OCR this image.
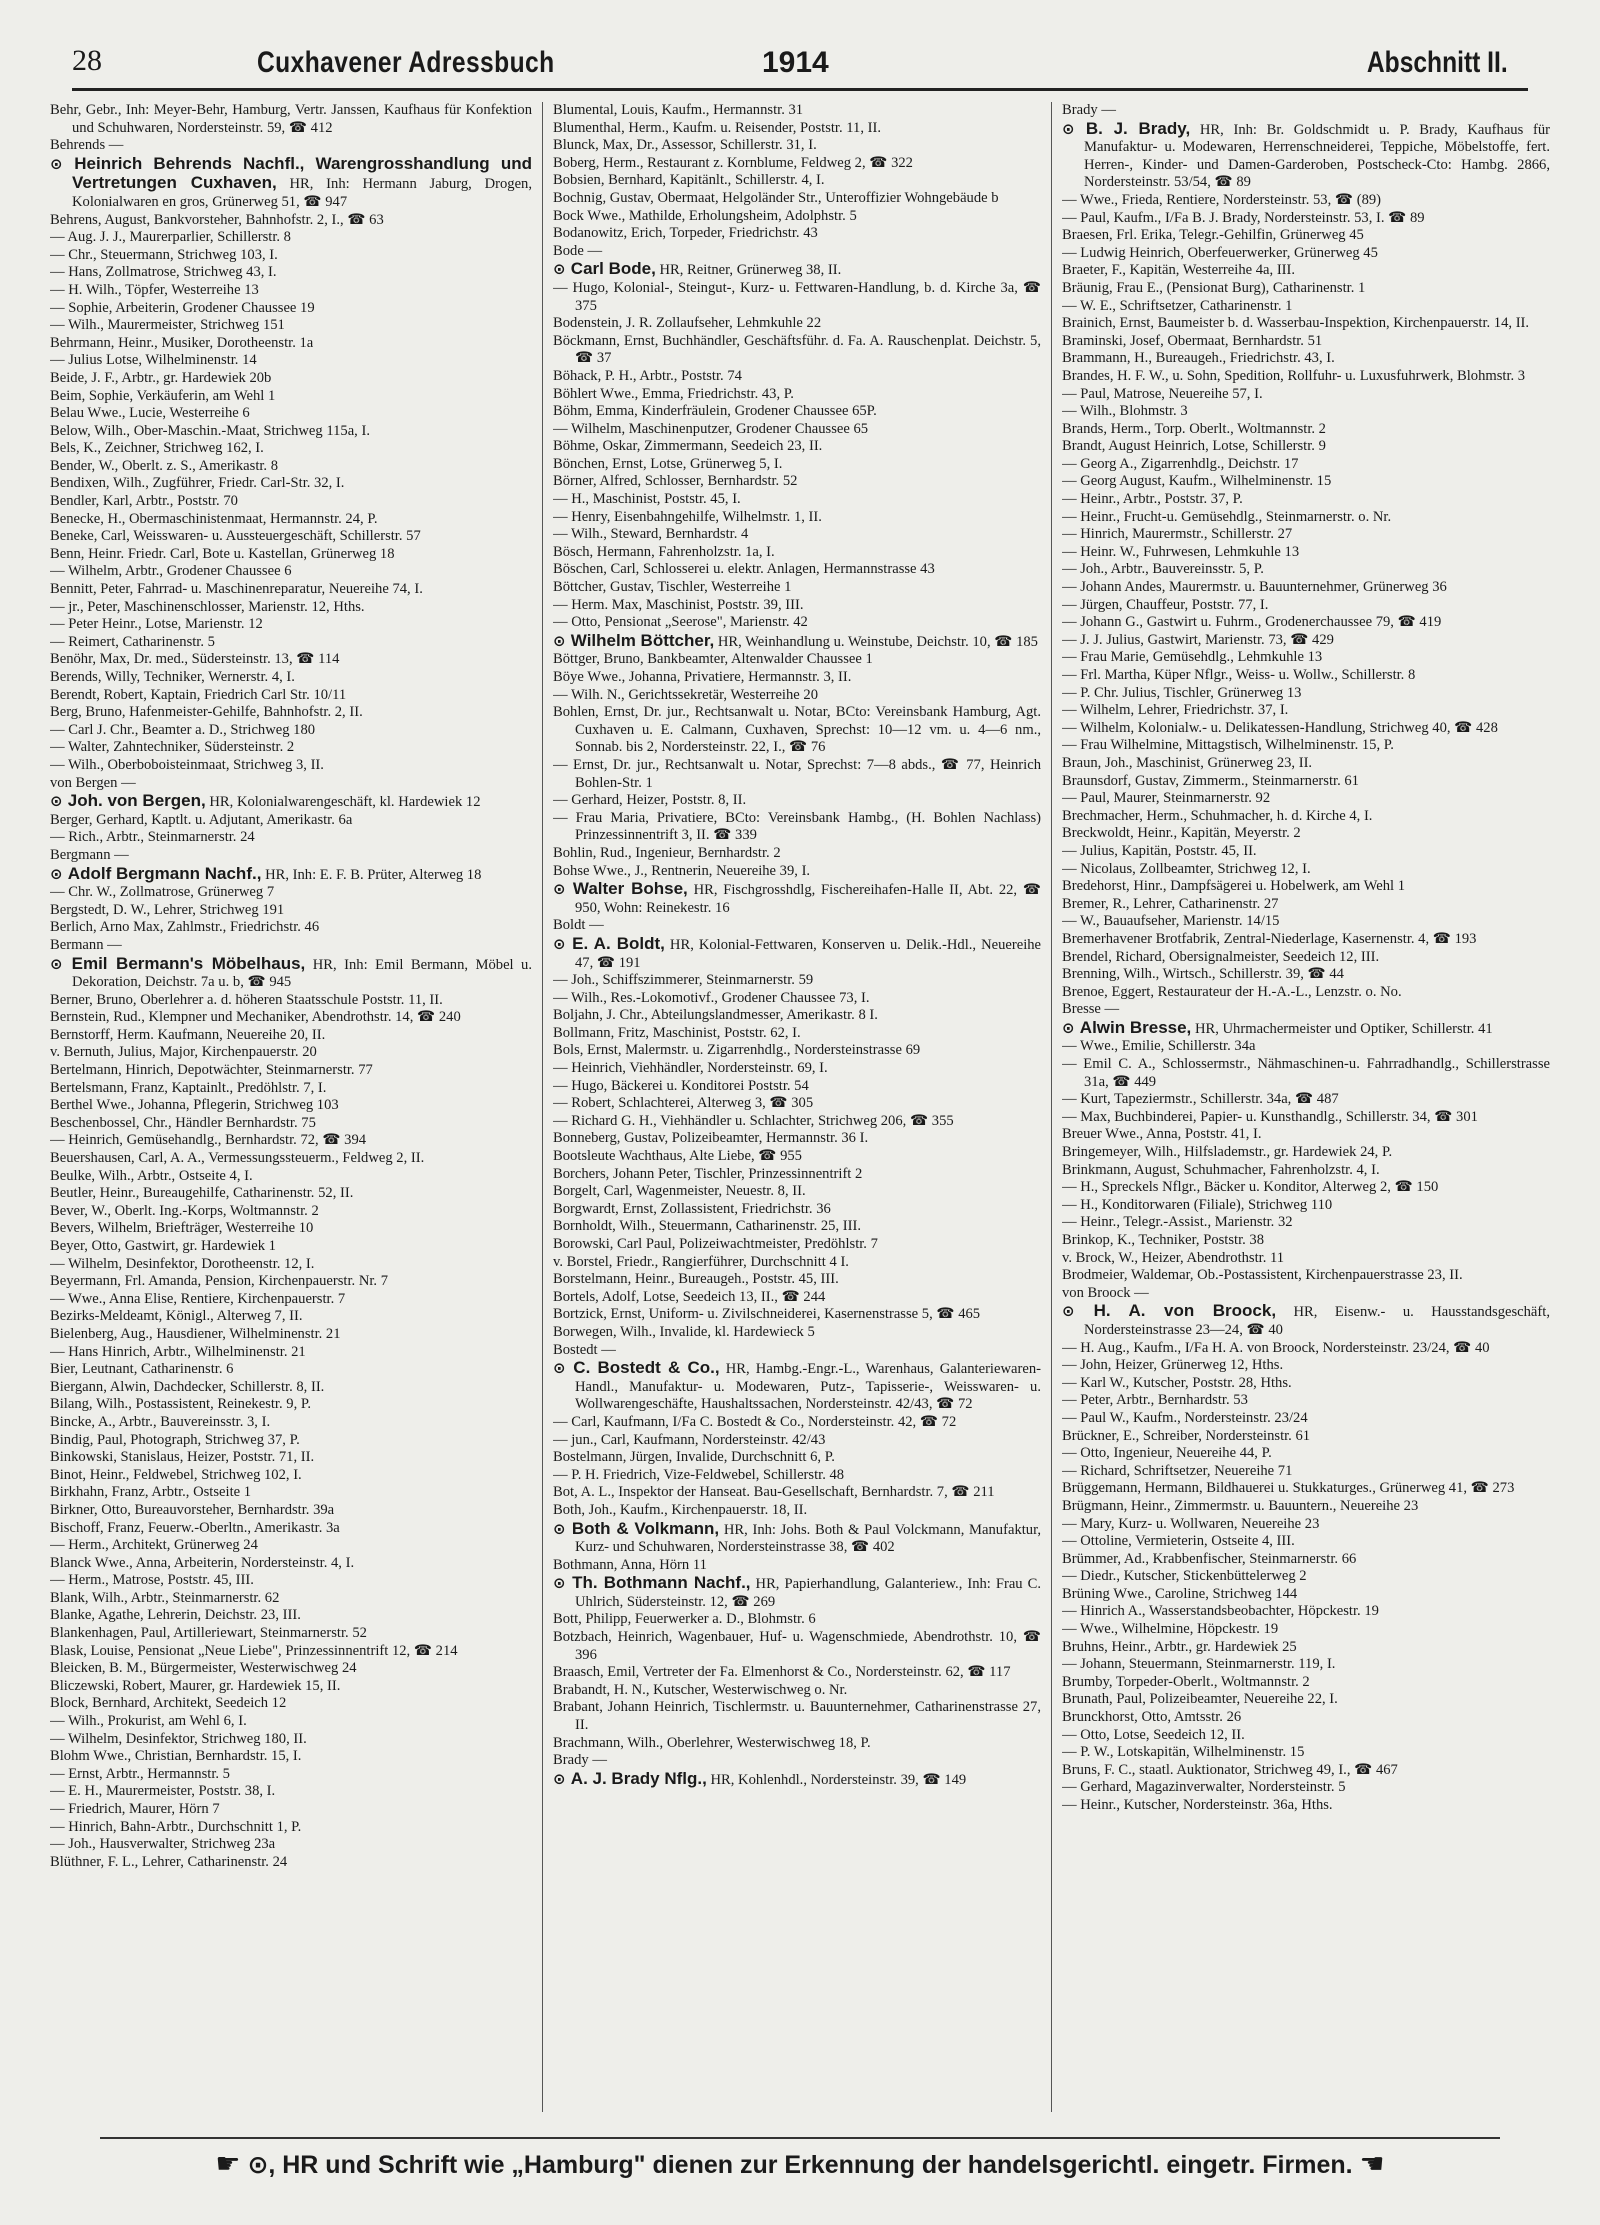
28	Cuxhavener Adressbuch	1914	Abschnitt II.

Behr, Gebr., Inh: Meyer-Behr, Hamburg, Vertr. Janssen, Kaufhaus für Konfektion und Schuhwaren, Nordersteinstr. 59, ☎ 412

Behrends —

⊙ Heinrich Behrends Nachfl., Warengrosshandlung und Vertretungen Cuxhaven, HR, Inh: Hermann Jaburg, Drogen, Kolonialwaren en gros, Grünerweg 51, ☎ 947

Behrens, August, Bankvorsteher, Bahnhofstr. 2, I., ☎ 63

— Aug. J. J., Maurerparlier, Schillerstr. 8

— Chr., Steuermann, Strichweg 103, I.

— Hans, Zollmatrose, Strichweg 43, I.

— H. Wilh., Töpfer, Westerreihe 13

— Sophie, Arbeiterin, Grodener Chaussee 19

— Wilh., Maurermeister, Strichweg 151

Behrmann, Heinr., Musiker, Dorotheenstr. 1a

— Julius Lotse, Wilhelminenstr. 14

Beide, J. F., Arbtr., gr. Hardewiek 20b

Beim, Sophie, Verkäuferin, am Wehl 1

Belau Wwe., Lucie, Westerreihe 6

Below, Wilh., Ober-Maschin.-Maat, Strichweg 115a, I.

Bels, K., Zeichner, Strichweg 162, I.

Bender, W., Oberlt. z. S., Amerikastr. 8

Bendixen, Wilh., Zugführer, Friedr. Carl-Str. 32, I.

Bendler, Karl, Arbtr., Poststr. 70

Benecke, H., Obermaschinistenmaat, Hermannstr. 24, P.

Beneke, Carl, Weisswaren- u. Aussteuergeschäft, Schillerstr. 57

Benn, Heinr. Friedr. Carl, Bote u. Kastellan, Grünerweg 18

— Wilhelm, Arbtr., Grodener Chaussee 6

Bennitt, Peter, Fahrrad- u. Maschinenreparatur, Neuereihe 74, I.

— jr., Peter, Maschinenschlosser, Marienstr. 12, Hths.

— Peter Heinr., Lotse, Marienstr. 12

— Reimert, Catharinenstr. 5

Benöhr, Max, Dr. med., Südersteinstr. 13, ☎ 114

Berends, Willy, Techniker, Wernerstr. 4, I.

Berendt, Robert, Kaptain, Friedrich Carl Str. 10/11

Berg, Bruno, Hafenmeister-Gehilfe, Bahnhofstr. 2, II.

— Carl J. Chr., Beamter a. D., Strichweg 180

— Walter, Zahntechniker, Südersteinstr. 2

— Wilh., Oberboboisteinmaat, Strichweg 3, II.

von Bergen —

⊙ Joh. von Bergen, HR, Kolonialwarengeschäft, kl. Hardewiek 12

Berger, Gerhard, Kaptlt. u. Adjutant, Amerikastr. 6a

— Rich., Arbtr., Steinmarnerstr. 24

Bergmann —

⊙ Adolf Bergmann Nachf., HR, Inh: E. F. B. Prüter, Alterweg 18

— Chr. W., Zollmatrose, Grünerweg 7

Bergstedt, D. W., Lehrer, Strichweg 191

Berlich, Arno Max, Zahlmstr., Friedrichstr. 46

Bermann —

⊙ Emil Bermann's Möbelhaus, HR, Inh: Emil Bermann, Möbel u. Dekoration, Deichstr. 7a u. b, ☎ 945

Berner, Bruno, Oberlehrer a. d. höheren Staatsschule Poststr. 11, II.

Bernstein, Rud., Klempner und Mechaniker, Abendrothstr. 14, ☎ 240

Bernstorff, Herm. Kaufmann, Neuereihe 20, II.

v. Bernuth, Julius, Major, Kirchenpauerstr. 20

Bertelmann, Hinrich, Depotwächter, Steinmarnerstr. 77

Bertelsmann, Franz, Kaptainlt., Predöhlstr. 7, I.

Berthel Wwe., Johanna, Pflegerin, Strichweg 103

Beschenbossel, Chr., Händler Bernhardstr. 75

— Heinrich, Gemüsehandlg., Bernhardstr. 72, ☎ 394

Beuershausen, Carl, A. A., Vermessungssteuerm., Feldweg 2, II.

Beulke, Wilh., Arbtr., Ostseite 4, I.

Beutler, Heinr., Bureaugehilfe, Catharinenstr. 52, II.

Bever, W., Oberlt. Ing.-Korps, Woltmannstr. 2

Bevers, Wilhelm, Briefträger, Westerreihe 10

Beyer, Otto, Gastwirt, gr. Hardewiek 1

— Wilhelm, Desinfektor, Dorotheenstr. 12, I.

Beyermann, Frl. Amanda, Pension, Kirchenpauerstr. Nr. 7

— Wwe., Anna Elise, Rentiere, Kirchenpauerstr. 7

Bezirks-Meldeamt, Königl., Alterweg 7, II.

Bielenberg, Aug., Hausdiener, Wilhelminenstr. 21

— Hans Hinrich, Arbtr., Wilhelminenstr. 21

Bier, Leutnant, Catharinenstr. 6

Biergann, Alwin, Dachdecker, Schillerstr. 8, II.

Bilang, Wilh., Postassistent, Reinekestr. 9, P.

Bincke, A., Arbtr., Bauvereinsstr. 3, I.

Bindig, Paul, Photograph, Strichweg 37, P.

Binkowski, Stanislaus, Heizer, Poststr. 71, II.

Binot, Heinr., Feldwebel, Strichweg 102, I.

Birkhahn, Franz, Arbtr., Ostseite 1

Birkner, Otto, Bureauvorsteher, Bernhardstr. 39a

Bischoff, Franz, Feuerw.-Oberltn., Amerikastr. 3a

— Herm., Architekt, Grünerweg 24

Blanck Wwe., Anna, Arbeiterin, Nordersteinstr. 4, I.

— Herm., Matrose, Poststr. 45, III.

Blank, Wilh., Arbtr., Steinmarnerstr. 62

Blanke, Agathe, Lehrerin, Deichstr. 23, III.

Blankenhagen, Paul, Artilleriewart, Steinmarnerstr. 52

Blask, Louise, Pensionat „Neue Liebe", Prinzessinnentrift 12, ☎ 214

Bleicken, B. M., Bürgermeister, Westerwischweg 24

Bliczewski, Robert, Maurer, gr. Hardewiek 15, II.

Block, Bernhard, Architekt, Seedeich 12

— Wilh., Prokurist, am Wehl 6, I.

— Wilhelm, Desinfektor, Strichweg 180, II.

Blohm Wwe., Christian, Bernhardstr. 15, I.

— Ernst, Arbtr., Hermannstr. 5

— E. H., Maurermeister, Poststr. 38, I.

— Friedrich, Maurer, Hörn 7

— Hinrich, Bahn-Arbtr., Durchschnitt 1, P.

— Joh., Hausverwalter, Strichweg 23a

Blüthner, F. L., Lehrer, Catharinenstr. 24

Blumental, Louis, Kaufm., Hermannstr. 31

Blumenthal, Herm., Kaufm. u. Reisender, Poststr. 11, II.

Blunck, Max, Dr., Assessor, Schillerstr. 31, I.

Boberg, Herm., Restaurant z. Kornblume, Feldweg 2, ☎ 322

Bobsien, Bernhard, Kapitänlt., Schillerstr. 4, I.

Bochnig, Gustav, Obermaat, Helgoländer Str., Unteroffizier Wohngebäude b

Bock Wwe., Mathilde, Erholungsheim, Adolphstr. 5

Bodanowitz, Erich, Torpeder, Friedrichstr. 43

Bode —

⊙ Carl Bode, HR, Reitner, Grünerweg 38, II.

— Hugo, Kolonial-, Steingut-, Kurz- u. Fettwaren-Handlung, b. d. Kirche 3a, ☎ 375

Bodenstein, J. R. Zollaufseher, Lehmkuhle 22

Böckmann, Ernst, Buchhändler, Geschäftsführ. d. Fa. A. Rauschenplat. Deichstr. 5, ☎ 37

Böhack, P. H., Arbtr., Poststr. 74

Böhlert Wwe., Emma, Friedrichstr. 43, P.

Böhm, Emma, Kinderfräulein, Grodener Chaussee 65P.

— Wilhelm, Maschinenputzer, Grodener Chaussee 65

Böhme, Oskar, Zimmermann, Seedeich 23, II.

Bönchen, Ernst, Lotse, Grünerweg 5, I.

Börner, Alfred, Schlosser, Bernhardstr. 52

— H., Maschinist, Poststr. 45, I.

— Henry, Eisenbahngehilfe, Wilhelmstr. 1, II.

— Wilh., Steward, Bernhardstr. 4

Bösch, Hermann, Fahrenholzstr. 1a, I.

Böschen, Carl, Schlosserei u. elektr. Anlagen, Hermannstrasse 43

Böttcher, Gustav, Tischler, Westerreihe 1

— Herm. Max, Maschinist, Poststr. 39, III.

— Otto, Pensionat „Seerose", Marienstr. 42

⊙ Wilhelm Böttcher, HR, Weinhandlung u. Weinstube, Deichstr. 10, ☎ 185

Böttger, Bruno, Bankbeamter, Altenwalder Chaussee 1

Böye Wwe., Johanna, Privatiere, Hermannstr. 3, II.

— Wilh. N., Gerichtssekretär, Westerreihe 20

Bohlen, Ernst, Dr. jur., Rechtsanwalt u. Notar, BCto: Vereinsbank Hamburg, Agt. Cuxhaven u. E. Calmann, Cuxhaven, Sprechst: 10—12 vm. u. 4—6 nm., Sonnab. bis 2, Nordersteinstr. 22, I., ☎ 76

— Ernst, Dr. jur., Rechtsanwalt u. Notar, Sprechst: 7—8 abds., ☎ 77, Heinrich Bohlen-Str. 1

— Gerhard, Heizer, Poststr. 8, II.

— Frau Maria, Privatiere, BCto: Vereinsbank Hambg., (H. Bohlen Nachlass) Prinzessinnentrift 3, II. ☎ 339

Bohlin, Rud., Ingenieur, Bernhardstr. 2

Bohse Wwe., J., Rentnerin, Neuereihe 39, I.

⊙ Walter Bohse, HR, Fischgrosshdlg, Fischereihafen-Halle II, Abt. 22, ☎ 950, Wohn: Reinekestr. 16

Boldt —

⊙ E. A. Boldt, HR, Kolonial-Fettwaren, Konserven u. Delik.-Hdl., Neuereihe 47, ☎ 191

— Joh., Schiffszimmerer, Steinmarnerstr. 59

— Wilh., Res.-Lokomotivf., Grodener Chaussee 73, I.

Boljahn, J. Chr., Abteilungslandmesser, Amerikastr. 8 I.

Bollmann, Fritz, Maschinist, Poststr. 62, I.

Bols, Ernst, Malermstr. u. Zigarrenhdlg., Nordersteinstrasse 69

— Heinrich, Viehhändler, Nordersteinstr. 69, I.

— Hugo, Bäckerei u. Konditorei Poststr. 54

— Robert, Schlachterei, Alterweg 3, ☎ 305

— Richard G. H., Viehhändler u. Schlachter, Strichweg 206, ☎ 355

Bonneberg, Gustav, Polizeibeamter, Hermannstr. 36 I.

Bootsleute Wachthaus, Alte Liebe, ☎ 955

Borchers, Johann Peter, Tischler, Prinzessinnentrift 2

Borgelt, Carl, Wagenmeister, Neuestr. 8, II.

Borgwardt, Ernst, Zollassistent, Friedrichstr. 36

Bornholdt, Wilh., Steuermann, Catharinenstr. 25, III.

Borowski, Carl Paul, Polizeiwachtmeister, Predöhlstr. 7

v. Borstel, Friedr., Rangierführer, Durchschnitt 4 I.

Borstelmann, Heinr., Bureaugeh., Poststr. 45, III.

Bortels, Adolf, Lotse, Seedeich 13, II., ☎ 244

Bortzick, Ernst, Uniform- u. Zivilschneiderei, Kasernenstrasse 5, ☎ 465

Borwegen, Wilh., Invalide, kl. Hardewieck 5

Bostedt —

⊙ C. Bostedt & Co., HR, Hambg.-Engr.-L., Warenhaus, Galanteriewaren-Handl., Manufaktur- u. Modewaren, Putz-, Tapisserie-, Weisswaren- u. Wollwarengeschäfte, Haushaltssachen, Nordersteinstr. 42/43, ☎ 72

— Carl, Kaufmann, I/Fa C. Bostedt & Co., Nordersteinstr. 42, ☎ 72

— jun., Carl, Kaufmann, Nordersteinstr. 42/43

Bostelmann, Jürgen, Invalide, Durchschnitt 6, P.

— P. H. Friedrich, Vize-Feldwebel, Schillerstr. 48

Bot, A. L., Inspektor der Hanseat. Bau-Gesellschaft, Bernhardstr. 7, ☎ 211

Both, Joh., Kaufm., Kirchenpauerstr. 18, II.

⊙ Both & Volkmann, HR, Inh: Johs. Both & Paul Volckmann, Manufaktur, Kurz- und Schuhwaren, Nordersteinstrasse 38, ☎ 402

Bothmann, Anna, Hörn 11

⊙ Th. Bothmann Nachf., HR, Papierhandlung, Galanteriew., Inh: Frau C. Uhlrich, Südersteinstr. 12, ☎ 269

Bott, Philipp, Feuerwerker a. D., Blohmstr. 6

Botzbach, Heinrich, Wagenbauer, Huf- u. Wagenschmiede, Abendrothstr. 10, ☎ 396

Braasch, Emil, Vertreter der Fa. Elmenhorst & Co., Nordersteinstr. 62, ☎ 117

Brabandt, H. N., Kutscher, Westerwischweg o. Nr.

Brabant, Johann Heinrich, Tischlermstr. u. Bauunternehmer, Catharinenstrasse 27, II.

Brachmann, Wilh., Oberlehrer, Westerwischweg 18, P.

Brady —

⊙ A. J. Brady Nflg., HR, Kohlenhdl., Nordersteinstr. 39, ☎ 149

Brady —

⊙ B. J. Brady, HR, Inh: Br. Goldschmidt u. P. Brady, Kaufhaus für Manufaktur- u. Modewaren, Herrenschneiderei, Teppiche, Möbelstoffe, fert. Herren-, Kinder- und Damen-Garderoben, Postscheck-Cto: Hambg. 2866, Nordersteinstr. 53/54, ☎ 89

— Wwe., Frieda, Rentiere, Nordersteinstr. 53, ☎ (89)

— Paul, Kaufm., I/Fa B. J. Brady, Nordersteinstr. 53, I. ☎ 89

Braesen, Frl. Erika, Telegr.-Gehilfin, Grünerweg 45

— Ludwig Heinrich, Oberfeuerwerker, Grünerweg 45

Braeter, F., Kapitän, Westerreihe 4a, III.

Bräunig, Frau E., (Pensionat Burg), Catharinenstr. 1

— W. E., Schriftsetzer, Catharinenstr. 1

Brainich, Ernst, Baumeister b. d. Wasserbau-Inspektion, Kirchenpauerstr. 14, II.

Braminski, Josef, Obermaat, Bernhardstr. 51

Brammann, H., Bureaugeh., Friedrichstr. 43, I.

Brandes, H. F. W., u. Sohn, Spedition, Rollfuhr- u. Luxusfuhrwerk, Blohmstr. 3

— Paul, Matrose, Neuereihe 57, I.

— Wilh., Blohmstr. 3

Brands, Herm., Torp. Oberlt., Woltmannstr. 2

Brandt, August Heinrich, Lotse, Schillerstr. 9

— Georg A., Zigarrenhdlg., Deichstr. 17

— Georg August, Kaufm., Wilhelminenstr. 15

— Heinr., Arbtr., Poststr. 37, P.

— Heinr., Frucht-u. Gemüsehdlg., Steinmarnerstr. o. Nr.

— Hinrich, Maurermstr., Schillerstr. 27

— Heinr. W., Fuhrwesen, Lehmkuhle 13

— Joh., Arbtr., Bauvereinsstr. 5, P.

— Johann Andes, Maurermstr. u. Bauunternehmer, Grünerweg 36

— Jürgen, Chauffeur, Poststr. 77, I.

— Johann G., Gastwirt u. Fuhrm., Grodenerchaussee 79, ☎ 419

— J. J. Julius, Gastwirt, Marienstr. 73, ☎ 429

— Frau Marie, Gemüsehdlg., Lehmkuhle 13

— Frl. Martha, Küper Nflgr., Weiss- u. Wollw., Schillerstr. 8

— P. Chr. Julius, Tischler, Grünerweg 13

— Wilhelm, Lehrer, Friedrichstr. 37, I.

— Wilhelm, Kolonialw.- u. Delikatessen-Handlung, Strichweg 40, ☎ 428

— Frau Wilhelmine, Mittagstisch, Wilhelminenstr. 15, P.

Braun, Joh., Maschinist, Grünerweg 23, II.

Braunsdorf, Gustav, Zimmerm., Steinmarnerstr. 61

— Paul, Maurer, Steinmarnerstr. 92

Brechmacher, Herm., Schuhmacher, h. d. Kirche 4, I.

Breckwoldt, Heinr., Kapitän, Meyerstr. 2

— Julius, Kapitän, Poststr. 45, II.

— Nicolaus, Zollbeamter, Strichweg 12, I.

Bredehorst, Hinr., Dampfsägerei u. Hobelwerk, am Wehl 1

Bremer, R., Lehrer, Catharinenstr. 27

— W., Bauaufseher, Marienstr. 14/15

Bremerhavener Brotfabrik, Zentral-Niederlage, Kasernenstr. 4, ☎ 193

Brendel, Richard, Obersignalmeister, Seedeich 12, III.

Brenning, Wilh., Wirtsch., Schillerstr. 39, ☎ 44

Brenoe, Eggert, Restaurateur der H.-A.-L., Lenzstr. o. No.

Bresse —

⊙ Alwin Bresse, HR, Uhrmachermeister und Optiker, Schillerstr. 41

— Wwe., Emilie, Schillerstr. 34a

— Emil C. A., Schlossermstr., Nähmaschinen-u. Fahrradhandlg., Schillerstrasse 31a, ☎ 449

— Kurt, Tapeziermstr., Schillerstr. 34a, ☎ 487

— Max, Buchbinderei, Papier- u. Kunsthandlg., Schillerstr. 34, ☎ 301

Breuer Wwe., Anna, Poststr. 41, I.

Bringemeyer, Wilh., Hilfslademstr., gr. Hardewiek 24, P.

Brinkmann, August, Schuhmacher, Fahrenholzstr. 4, I.

— H., Spreckels Nflgr., Bäcker u. Konditor, Alterweg 2, ☎ 150

— H., Konditorwaren (Filiale), Strichweg 110

— Heinr., Telegr.-Assist., Marienstr. 32

Brinkop, K., Techniker, Poststr. 38

v. Brock, W., Heizer, Abendrothstr. 11

Brodmeier, Waldemar, Ob.-Postassistent, Kirchenpauerstrasse 23, II.

von Broock —

⊙ H. A. von Broock, HR, Eisenw.- u. Hausstandsgeschäft, Nordersteinstrasse 23—24, ☎ 40

— H. Aug., Kaufm., I/Fa H. A. von Broock, Nordersteinstr. 23/24, ☎ 40

— John, Heizer, Grünerweg 12, Hths.

— Karl W., Kutscher, Poststr. 28, Hths.

— Peter, Arbtr., Bernhardstr. 53

— Paul W., Kaufm., Nordersteinstr. 23/24

Brückner, E., Schreiber, Nordersteinstr. 61

— Otto, Ingenieur, Neuereihe 44, P.

— Richard, Schriftsetzer, Neuereihe 71

Brüggemann, Hermann, Bildhauerei u. Stukkaturges., Grünerweg 41, ☎ 273

Brügmann, Heinr., Zimmermstr. u. Bauuntern., Neuereihe 23

— Mary, Kurz- u. Wollwaren, Neuereihe 23

— Ottoline, Vermieterin, Ostseite 4, III.

Brümmer, Ad., Krabbenfischer, Steinmarnerstr. 66

— Diedr., Kutscher, Stickenbüttelerweg 2

Brüning Wwe., Caroline, Strichweg 144

— Hinrich A., Wasserstandsbeobachter, Höpckestr. 19

— Wwe., Wilhelmine, Höpckestr. 19

Bruhns, Heinr., Arbtr., gr. Hardewiek 25

— Johann, Steuermann, Steinmarnerstr. 119, I.

Brumby, Torpeder-Oberlt., Woltmannstr. 2

Brunath, Paul, Polizeibeamter, Neuereihe 22, I.

Brunckhorst, Otto, Amtsstr. 26

— Otto, Lotse, Seedeich 12, II.

— P. W., Lotskapitän, Wilhelminenstr. 15

Bruns, F. C., staatl. Auktionator, Strichweg 49, I., ☎ 467

— Gerhard, Magazinverwalter, Nordersteinstr. 5

— Heinr., Kutscher, Nordersteinstr. 36a, Hths.

☛ ⊙, HR und Schrift wie „Hamburg" dienen zur Erkennung der handelsgerichtl. eingetr. Firmen. ☚
